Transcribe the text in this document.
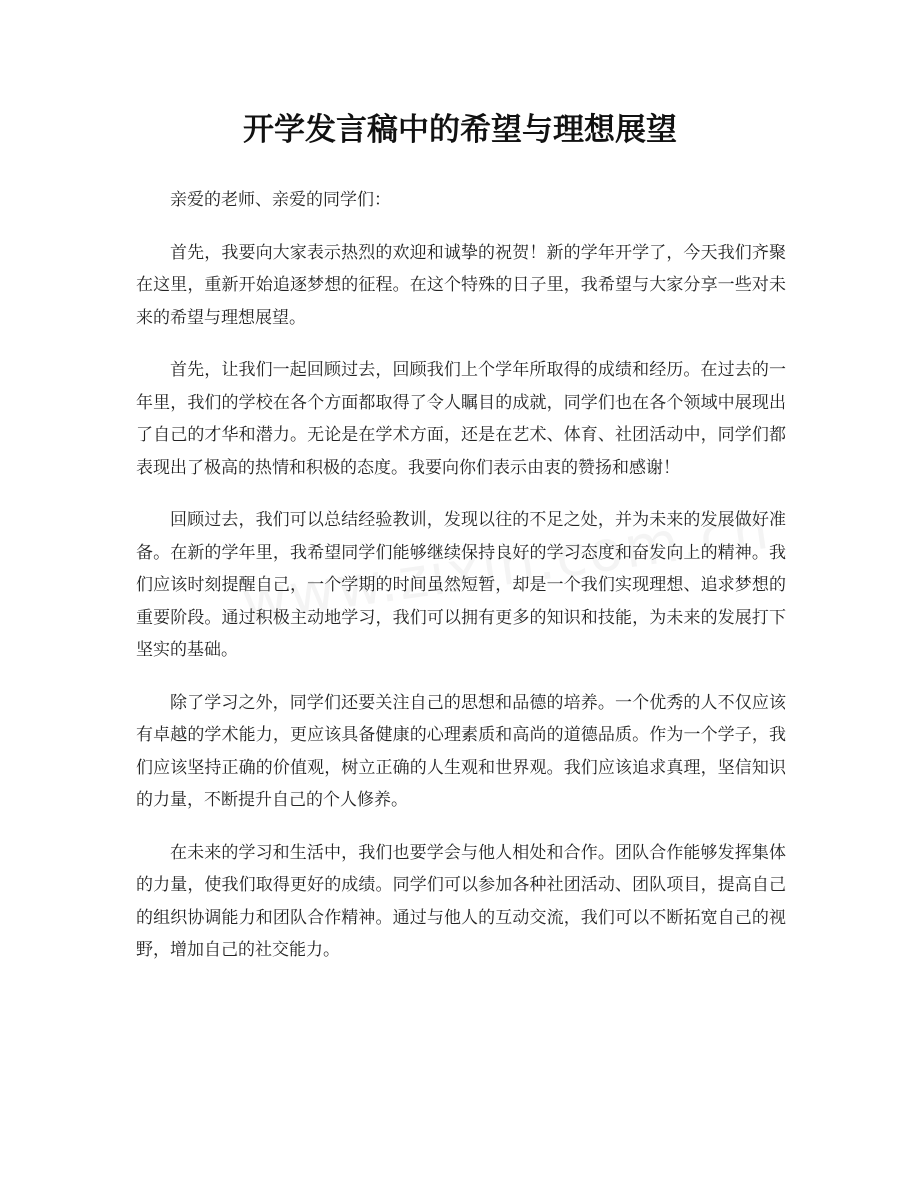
开学发言稿中的希望与理想展望

亲爱的老师、亲爱的同学们：

首先，我要向大家表示热烈的欢迎和诚挚的祝贺！新的学年开学了，今天我们齐聚在这里，重新开始追逐梦想的征程。在这个特殊的日子里，我希望与大家分享一些对未来的希望与理想展望。

首先，让我们一起回顾过去，回顾我们上个学年所取得的成绩和经历。在过去的一年里，我们的学校在各个方面都取得了令人瞩目的成就，同学们也在各个领域中展现出了自己的才华和潜力。无论是在学术方面，还是在艺术、体育、社团活动中，同学们都表现出了极高的热情和积极的态度。我要向你们表示由衷的赞扬和感谢！

回顾过去，我们可以总结经验教训，发现以往的不足之处，并为未来的发展做好准备。在新的学年里，我希望同学们能够继续保持良好的学习态度和奋发向上的精神。我们应该时刻提醒自己，一个学期的时间虽然短暂，却是一个我们实现理想、追求梦想的重要阶段。通过积极主动地学习，我们可以拥有更多的知识和技能，为未来的发展打下坚实的基础。

除了学习之外，同学们还要关注自己的思想和品德的培养。一个优秀的人不仅应该有卓越的学术能力，更应该具备健康的心理素质和高尚的道德品质。作为一个学子，我们应该坚持正确的价值观，树立正确的人生观和世界观。我们应该追求真理，坚信知识的力量，不断提升自己的个人修养。

在未来的学习和生活中，我们也要学会与他人相处和合作。团队合作能够发挥集体的力量，使我们取得更好的成绩。同学们可以参加各种社团活动、团队项目，提高自己的组织协调能力和团队合作精神。通过与他人的互动交流，我们可以不断拓宽自己的视野，增加自己的社交能力。
